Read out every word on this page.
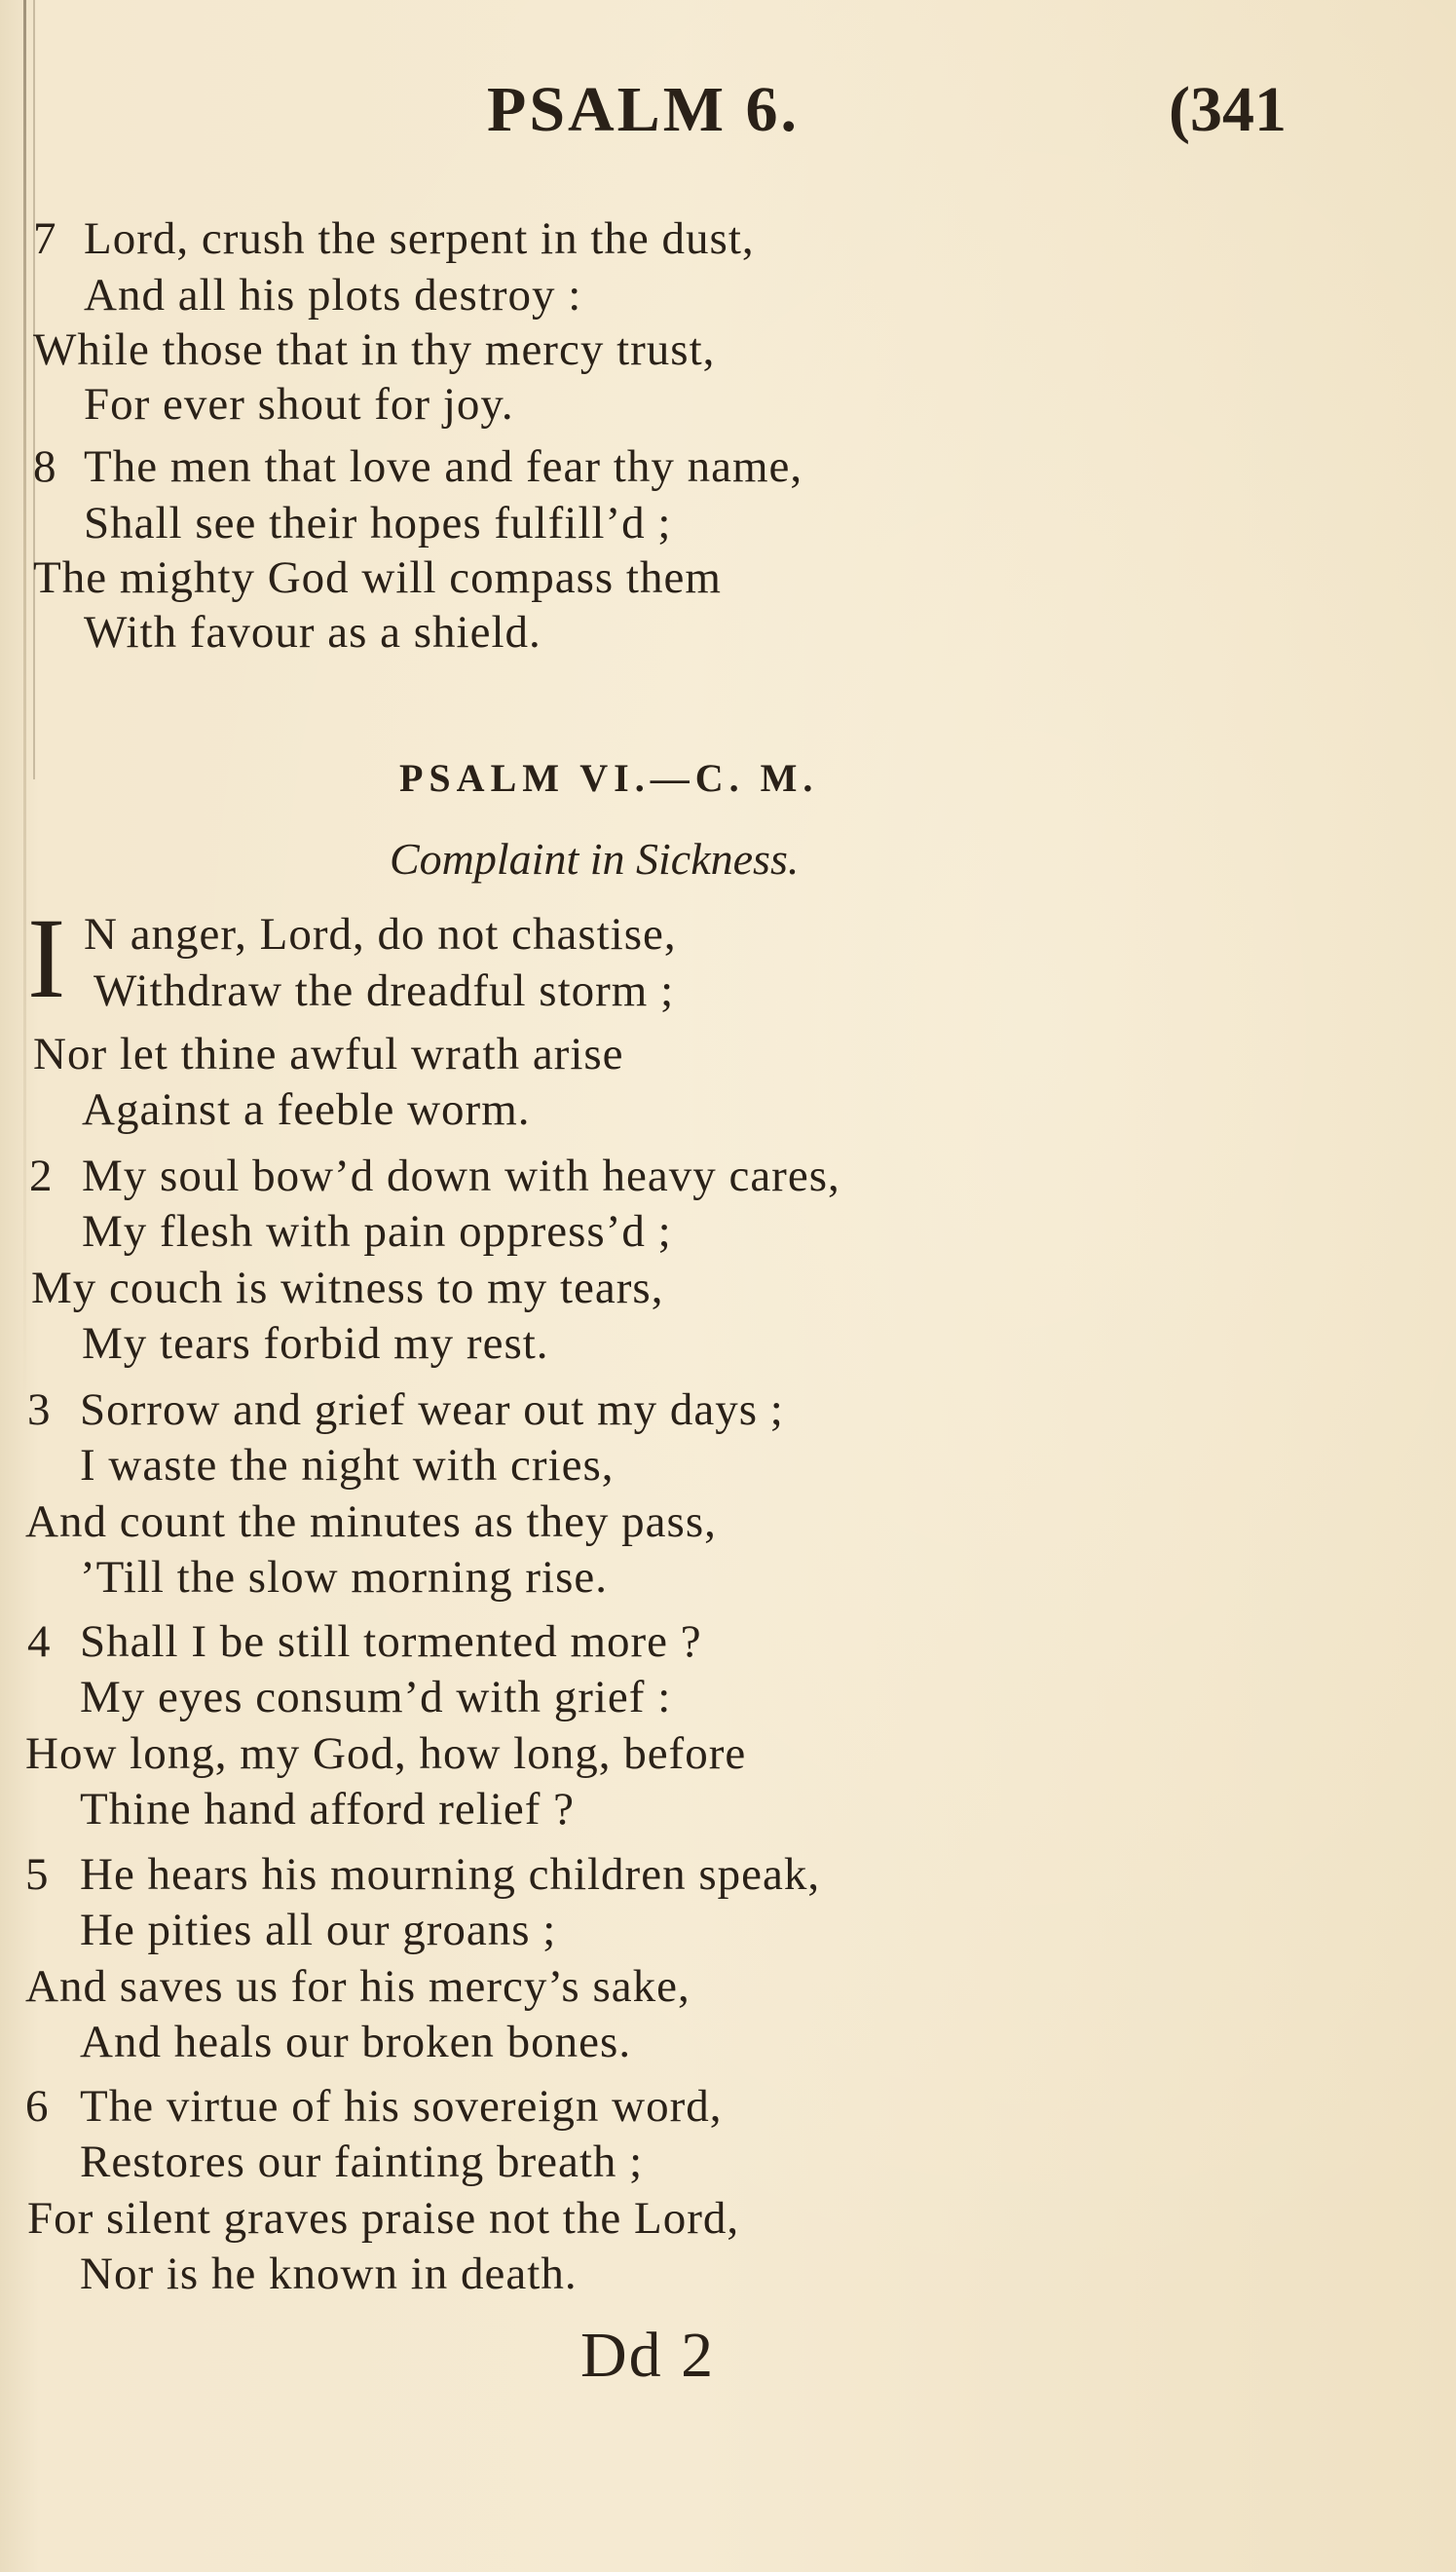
PSALM 6.	(341
7 Lord, crush the serpent in the dust,
And all his plots destroy :
While those that in thy mercy trust,
For ever shout for joy.
8 The men that love and fear thy name,
Shall see their hopes fulfill’d ;
The mighty God will compass them
With favour as a shield.
PSALM VI.—C. M.
Complaint in Sickness.
I N anger, Lord, do not chastise,
Withdraw the dreadful storm ;
Nor let thine awful wrath arise
Against a feeble worm.
2 My soul bow’d down with heavy cares,
My flesh with pain oppress’d ;
My couch is witness to my tears,
My tears forbid my rest.
3 Sorrow and grief wear out my days ;
I waste the night with cries,
And count the minutes as they pass,
’Till the slow morning rise.
4 Shall I be still tormented more ?
My eyes consum’d with grief :
How long, my God, how long, before
Thine hand afford relief ?
5 He hears his mourning children speak,
He pities all our groans ;
And saves us for his mercy’s sake,
And heals our broken bones.
6 The virtue of his sovereign word,
Restores our fainting breath ;
For silent graves praise not the Lord,
Nor is he known in death.
Dd 2
